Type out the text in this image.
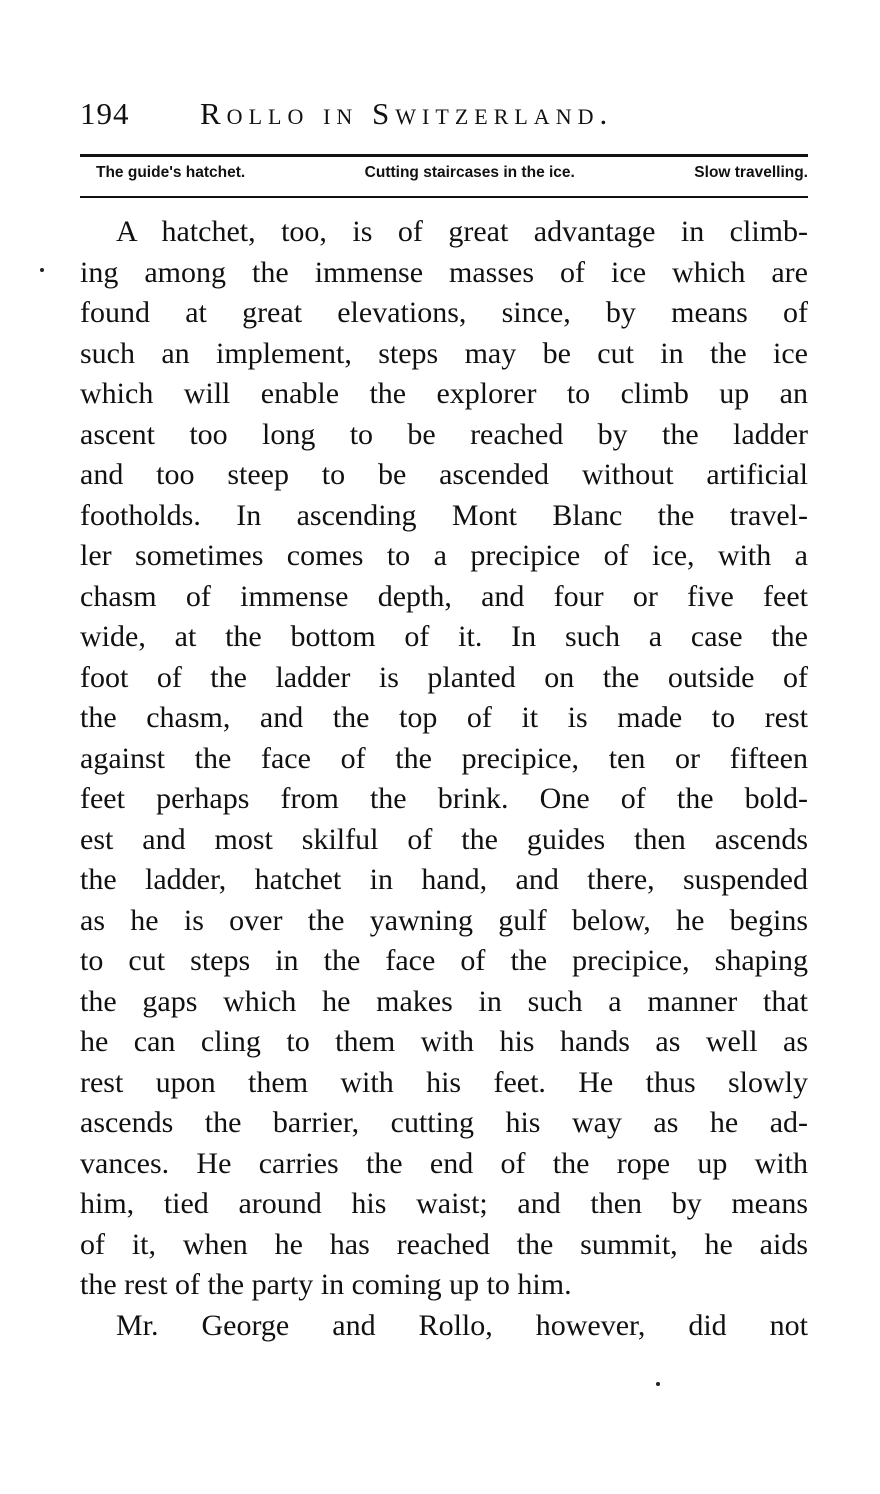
194 Rollo in Switzerland.
The guide's hatchet.	Cutting staircases in the ice.	Slow travelling.
A hatchet, too, is of great advantage in climb-
ing among the immense masses of ice which are
found at great elevations, since, by means of
such an implement, steps may be cut in the ice
which will enable the explorer to climb up an
ascent too long to be reached by the ladder
and too steep to be ascended without artificial
footholds. In ascending Mont Blanc the travel-
ler sometimes comes to a precipice of ice, with a
chasm of immense depth, and four or five feet
wide, at the bottom of it. In such a case the
foot of the ladder is planted on the outside of
the chasm, and the top of it is made to rest
against the face of the precipice, ten or fifteen
feet perhaps from the brink. One of the bold-
est and most skilful of the guides then ascends
the ladder, hatchet in hand, and there, suspended
as he is over the yawning gulf below, he begins
to cut steps in the face of the precipice, shaping
the gaps which he makes in such a manner that
he can cling to them with his hands as well as
rest upon them with his feet. He thus slowly
ascends the barrier, cutting his way as he ad-
vances. He carries the end of the rope up with
him, tied around his waist; and then by means
of it, when he has reached the summit, he aids
the rest of the party in coming up to him.
Mr. George and Rollo, however, did not
